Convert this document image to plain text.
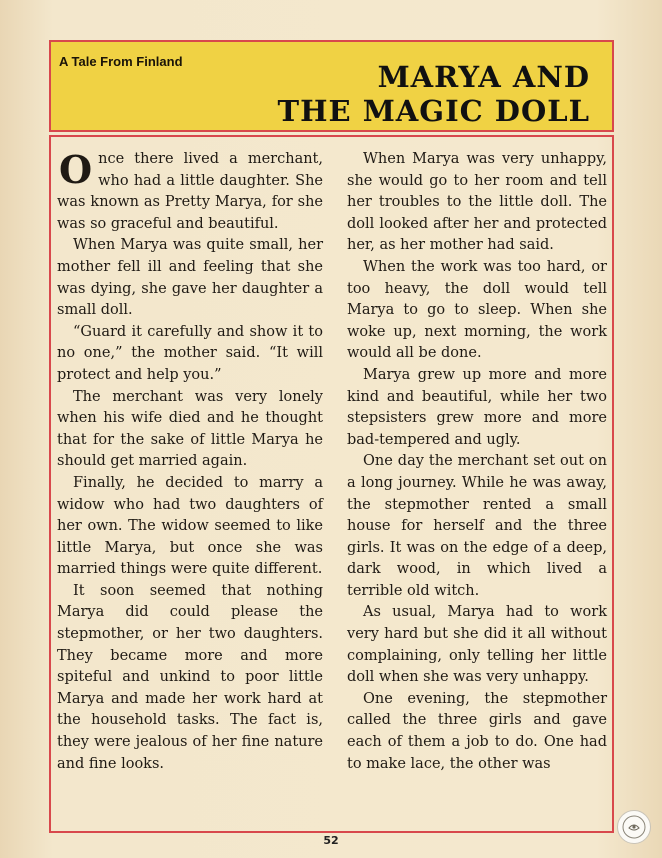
A Tale From Finland	MARYA AND
THE MAGIC DOLL

Once there lived a merchant, who had a little daughter. She was known as Pretty Marya, for she was so graceful and beautiful.

When Marya was quite small, her mother fell ill and feeling that she was dying, she gave her daughter a small doll.

“Guard it carefully and show it to no one,” the mother said. “It will protect and help you.”

The merchant was very lonely when his wife died and he thought that for the sake of little Marya he should get married again.

Finally, he decided to marry a widow who had two daughters of her own. The widow seemed to like little Marya, but once she was married things were quite different.

It soon seemed that nothing Marya did could please the stepmother, or her two daughters. They became more and more spiteful and unkind to poor little Marya and made her work hard at the household tasks. The fact is, they were jealous of her fine nature and fine looks.

When Marya was very unhappy, she would go to her room and tell her troubles to the little doll. The doll looked after her and protected her, as her mother had said.

When the work was too hard, or too heavy, the doll would tell Marya to go to sleep. When she woke up, next morning, the work would all be done.

Marya grew up more and more kind and beautiful, while her two stepsisters grew more and more bad-tempered and ugly.

One day the merchant set out on a long journey. While he was away, the stepmother rented a small house for herself and the three girls. It was on the edge of a deep, dark wood, in which lived a terrible old witch.

As usual, Marya had to work very hard but she did it all without complaining, only telling her little doll when she was very unhappy.

One evening, the stepmother called the three girls and gave each of them a job to do. One had to make lace, the other was

52
